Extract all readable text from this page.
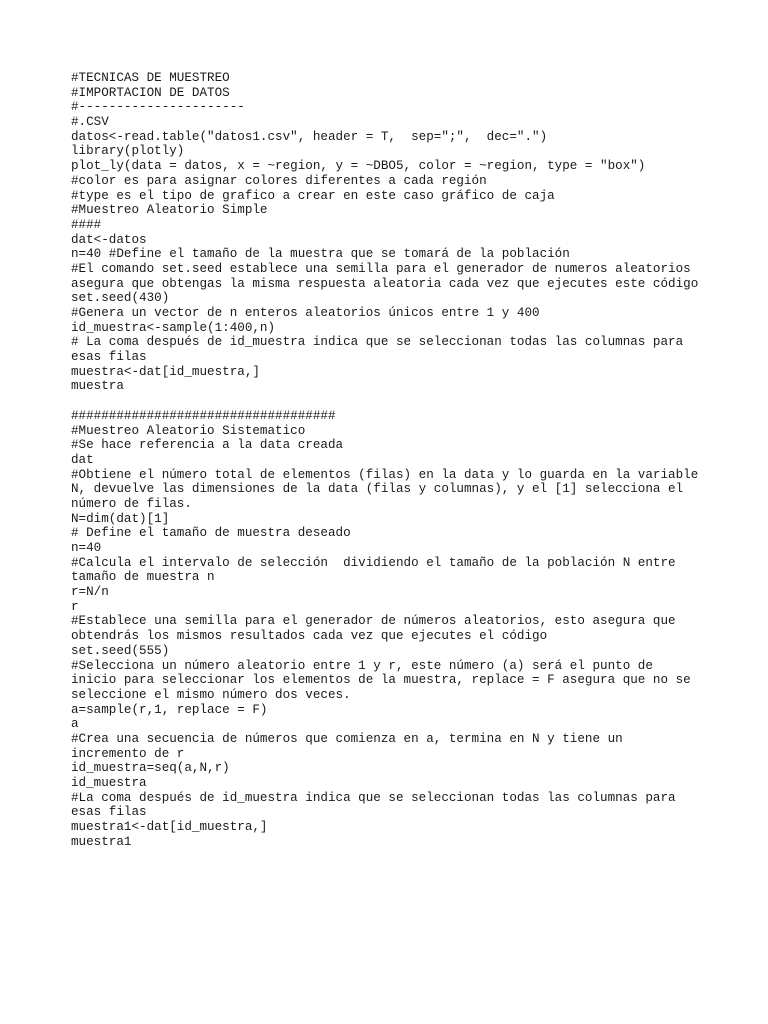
#TECNICAS DE MUESTREO
#IMPORTACION DE DATOS
#----------------------
#.CSV
datos<-read.table("datos1.csv", header = T,  sep=";",  dec=".")
library(plotly)
plot_ly(data = datos, x = ~region, y = ~DBO5, color = ~region, type = "box")
#color es para asignar colores diferentes a cada región
#type es el tipo de grafico a crear en este caso gráfico de caja
#Muestreo Aleatorio Simple
####
dat<-datos
n=40 #Define el tamaño de la muestra que se tomará de la población
#El comando set.seed establece una semilla para el generador de numeros aleatorios
asegura que obtengas la misma respuesta aleatoria cada vez que ejecutes este código
set.seed(430)
#Genera un vector de n enteros aleatorios únicos entre 1 y 400
id_muestra<-sample(1:400,n)
# La coma después de id_muestra indica que se seleccionan todas las columnas para
esas filas
muestra<-dat[id_muestra,]
muestra
###################################
#Muestreo Aleatorio Sistematico
#Se hace referencia a la data creada
dat
#Obtiene el número total de elementos (filas) en la data y lo guarda en la variable
N, devuelve las dimensiones de la data (filas y columnas), y el [1] selecciona el
número de filas.
N=dim(dat)[1]
# Define el tamaño de muestra deseado
n=40
#Calcula el intervalo de selección  dividiendo el tamaño de la población N entre
tamaño de muestra n
r=N/n
r
#Establece una semilla para el generador de números aleatorios, esto asegura que
obtendrás los mismos resultados cada vez que ejecutes el código
set.seed(555)
#Selecciona un número aleatorio entre 1 y r, este número (a) será el punto de
inicio para seleccionar los elementos de la muestra, replace = F asegura que no se
seleccione el mismo número dos veces.
a=sample(r,1, replace = F)
a
#Crea una secuencia de números que comienza en a, termina en N y tiene un
incremento de r
id_muestra=seq(a,N,r)
id_muestra
#La coma después de id_muestra indica que se seleccionan todas las columnas para
esas filas
muestra1<-dat[id_muestra,]
muestra1
